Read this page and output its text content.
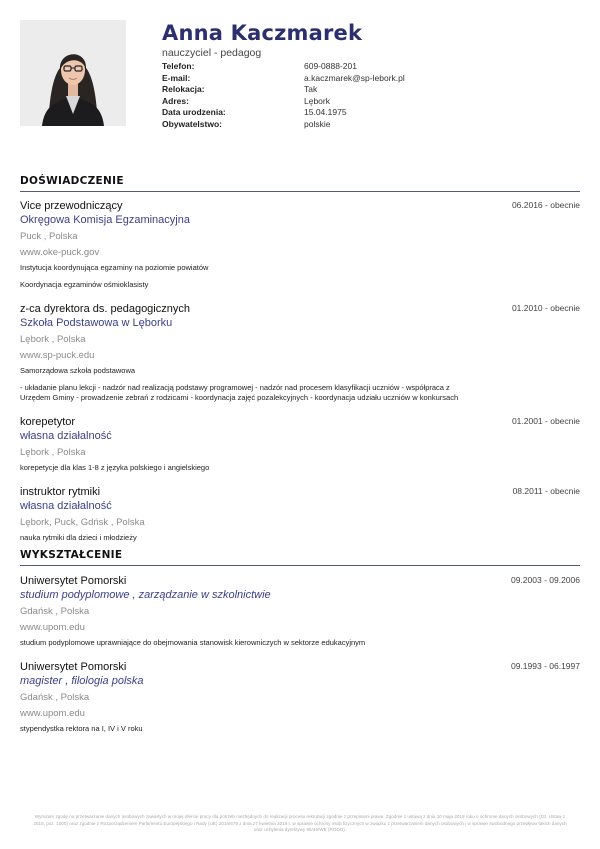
Anna Kaczmarek
nauczyciel - pedagog
Telefon:	609-0888-201
E-mail:	a.kaczmarek@sp-lebork.pl
Relokacja:	Tak
Adres:	Lębork
Data urodzenia:	15.04.1975
Obywatelstwo:	polskie
DOŚWIADCZENIE
Vice przewodniczący	06.2016 - obecnie
Okręgowa Komisja Egzaminacyjna
Puck , Polska
www.oke-puck.gov
Instytucja koordynująca egzaminy na poziomie powiatów
Koordynacja egzaminów ośmioklasisty
z-ca dyrektora ds. pedagogicznych	01.2010 - obecnie
Szkoła Podstawowa w Lęborku
Lębork , Polska
www.sp-puck.edu
Samorządowa szkoła podstawowa
- układanie planu lekcji - nadzór nad realizacją podstawy programowej - nadzór nad procesem klasyfikacji uczniów - współpraca z Urzędem Gminy - prowadzenie zebrań z rodzicami - koordynacja zajęć pozalekcyjnych - koordynacja udziału uczniów w konkursach
korepetytor	01.2001 - obecnie
własna działalność
Lębork , Polska
korepetycje dla klas 1-8 z języka polskiego i angielskiego
instruktor rytmiki	08.2011 - obecnie
własna działalność
Lębork, Puck, Gdńsk , Polska
nauka rytmiki dla dzieci i młodzieży
WYKSZTAŁCENIE
Uniwersytet Pomorski	09.2003 - 09.2006
studium podyplomowe , zarządzanie w szkolnictwie
Gdańsk , Polska
www.upom.edu
studium podyplomowe uprawniające do obejmowania stanowisk kierowniczych w sektorze edukacyjnym
Uniwersytet Pomorski	09.1993 - 06.1997
magister , filologia polska
Gdańsk , Polska
www.upom.edu
stypendystka rektora na I, IV i V roku
Wyrażam zgodę na przetwarzanie danych osobowych zawartych w mojej ofercie pracy dla potrzeb niezbędnych do realizacji procesu rekrutacji zgodnie z przepisami prawa. Zgodnie z ustawą z dnia 10 maja 2018 roku o ochronie danych osobowych (Dz. Ustaw z 2018, poz. 1000) oraz zgodnie z Rozporządzeniem Parlamentu Europejskiego i Rady (UE) 2016/679 z dnia 27 kwietnia 2016 r. w sprawie ochrony osób fizycznych w związku z przetwarzaniem danych osobowych i w sprawie swobodnego przepływu takich danych oraz uchylenia dyrektywy 95/46/WE (RODO).
